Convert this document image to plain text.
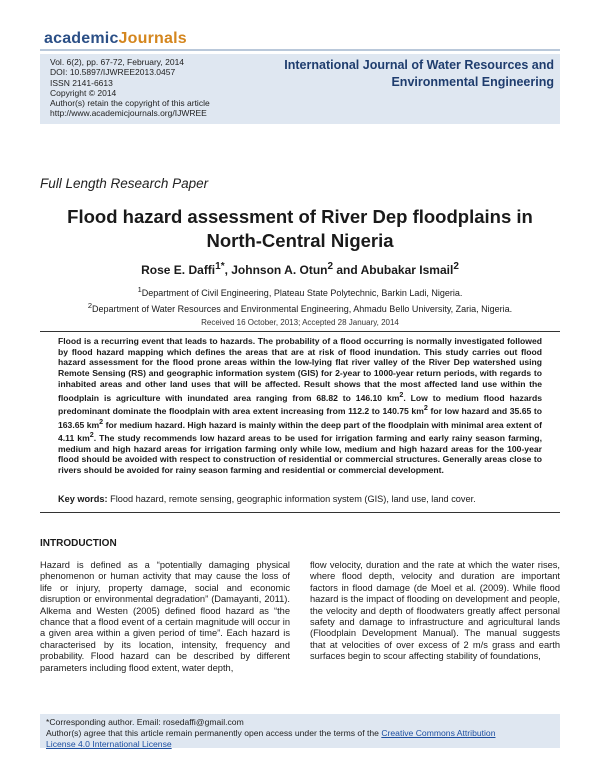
academicJournals
Vol. 6(2), pp. 67-72, February, 2014
DOI: 10.5897/IJWREE2013.0457
ISSN 2141-6613
Copyright © 2014
Author(s) retain the copyright of this article
http://www.academicjournals.org/IJWREE
International Journal of Water Resources and
Environmental Engineering
Full Length Research Paper
Flood hazard assessment of River Dep floodplains in
North-Central Nigeria
Rose E. Daffi$^{1*}$, Johnson A. Otun$^2$ and Abubakar Ismail$^2$
$^1$Department of Civil Engineering, Plateau State Polytechnic, Barkin Ladi, Nigeria.
$^2$Department of Water Resources and Environmental Engineering, Ahmadu Bello University, Zaria, Nigeria.
Received 16 October, 2013; Accepted 28 January, 2014
Flood is a recurring event that leads to hazards. The probability of a flood occurring is normally investigated followed by flood hazard mapping which defines the areas that are at risk of flood inundation. This study carries out flood hazard assessment for the flood prone areas within the low-lying flat river valley of the River Dep watershed using Remote Sensing (RS) and geographic information system (GIS) for 2-year to 1000-year return periods, with regards to inhabited areas and other land uses that will be affected. Result shows that the most affected land use within the floodplain is agriculture with inundated area ranging from 68.82 to 146.10 $km^2$. Low to medium flood hazards predominant dominate the floodplain with area extent increasing from 112.2 to 140.75 $km^2$ for low hazard and 35.65 to 163.65 $km^2$ for medium hazard. High hazard is mainly within the deep part of the floodplain with minimal area extent of 4.11 $km^2$. The study recommends low hazard areas to be used for irrigation farming and early rainy season farming, medium and high hazard areas for irrigation farming only while low, medium and high hazard areas for the 100-year flood should be avoided with respect to construction of residential or commercial structures. Generally areas close to rivers should be avoided for rainy season farming and residential or commercial development.
Key words: Flood hazard, remote sensing, geographic information system (GIS), land use, land cover.
INTRODUCTION
Hazard is defined as a “potentially damaging physical phenomenon or human activity that may cause the loss of life or injury, property damage, social and economic disruption or environmental degradation” (Damayanti, 2011). Alkema and Westen (2005) defined flood hazard as “the chance that a flood event of a certain magnitude will occur in a given area within a given period of time”. Each hazard is characterised by its location, intensity, frequency and probability. Flood hazard can be described by different parameters including flood extent, water depth,
flow velocity, duration and the rate at which the water rises, where flood depth, velocity and duration are important factors in flood damage (de Moel et al. (2009). While flood hazard is the impact of flooding on development and people, the velocity and depth of floodwaters greatly affect personal safety and damage to infrastructure and agricultural lands (Floodplain Development Manual). The manual suggests that at velocities of over excess of 2 m/s grass and earth surfaces begin to scour affecting stability of foundations,
*Corresponding author. Email: rosedaffi@gmail.com
Author(s) agree that this article remain permanently open access under the terms of the Creative Commons Attribution
License 4.0 International License
